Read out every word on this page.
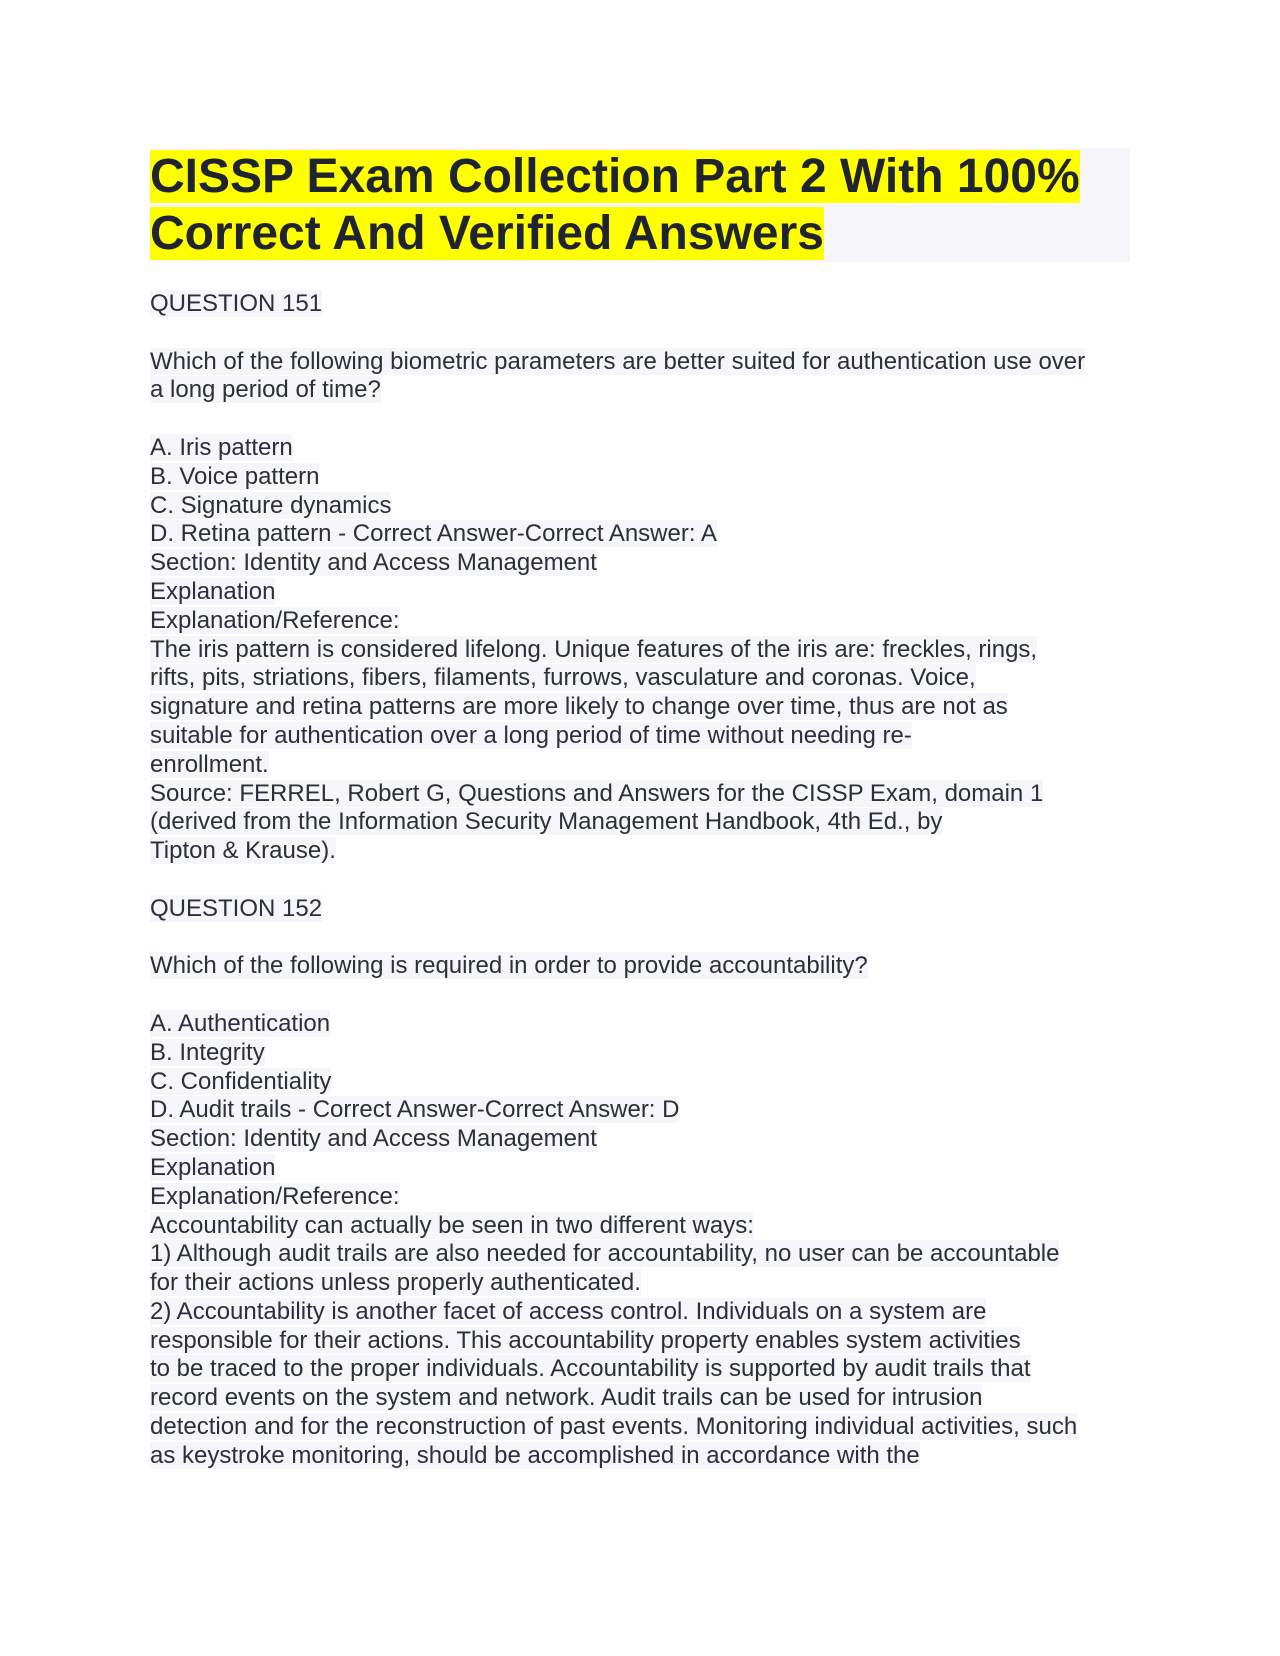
CISSP Exam Collection Part 2 With 100%
Correct And Verified Answers
QUESTION 151
Which of the following biometric parameters are better suited for authentication use over
a long period of time?
A. Iris pattern
B. Voice pattern
C. Signature dynamics
D. Retina pattern - Correct Answer-Correct Answer: A
Section: Identity and Access Management
Explanation
Explanation/Reference:
The iris pattern is considered lifelong. Unique features of the iris are: freckles, rings,
rifts, pits, striations, fibers, filaments, furrows, vasculature and coronas. Voice,
signature and retina patterns are more likely to change over time, thus are not as
suitable for authentication over a long period of time without needing re-
enrollment.
Source: FERREL, Robert G, Questions and Answers for the CISSP Exam, domain 1
(derived from the Information Security Management Handbook, 4th Ed., by
Tipton & Krause).
QUESTION 152
Which of the following is required in order to provide accountability?
A. Authentication
B. Integrity
C. Confidentiality
D. Audit trails - Correct Answer-Correct Answer: D
Section: Identity and Access Management
Explanation
Explanation/Reference:
Accountability can actually be seen in two different ways:
1) Although audit trails are also needed for accountability, no user can be accountable
for their actions unless properly authenticated.
2) Accountability is another facet of access control. Individuals on a system are
responsible for their actions. This accountability property enables system activities
to be traced to the proper individuals. Accountability is supported by audit trails that
record events on the system and network. Audit trails can be used for intrusion
detection and for the reconstruction of past events. Monitoring individual activities, such
as keystroke monitoring, should be accomplished in accordance with the
